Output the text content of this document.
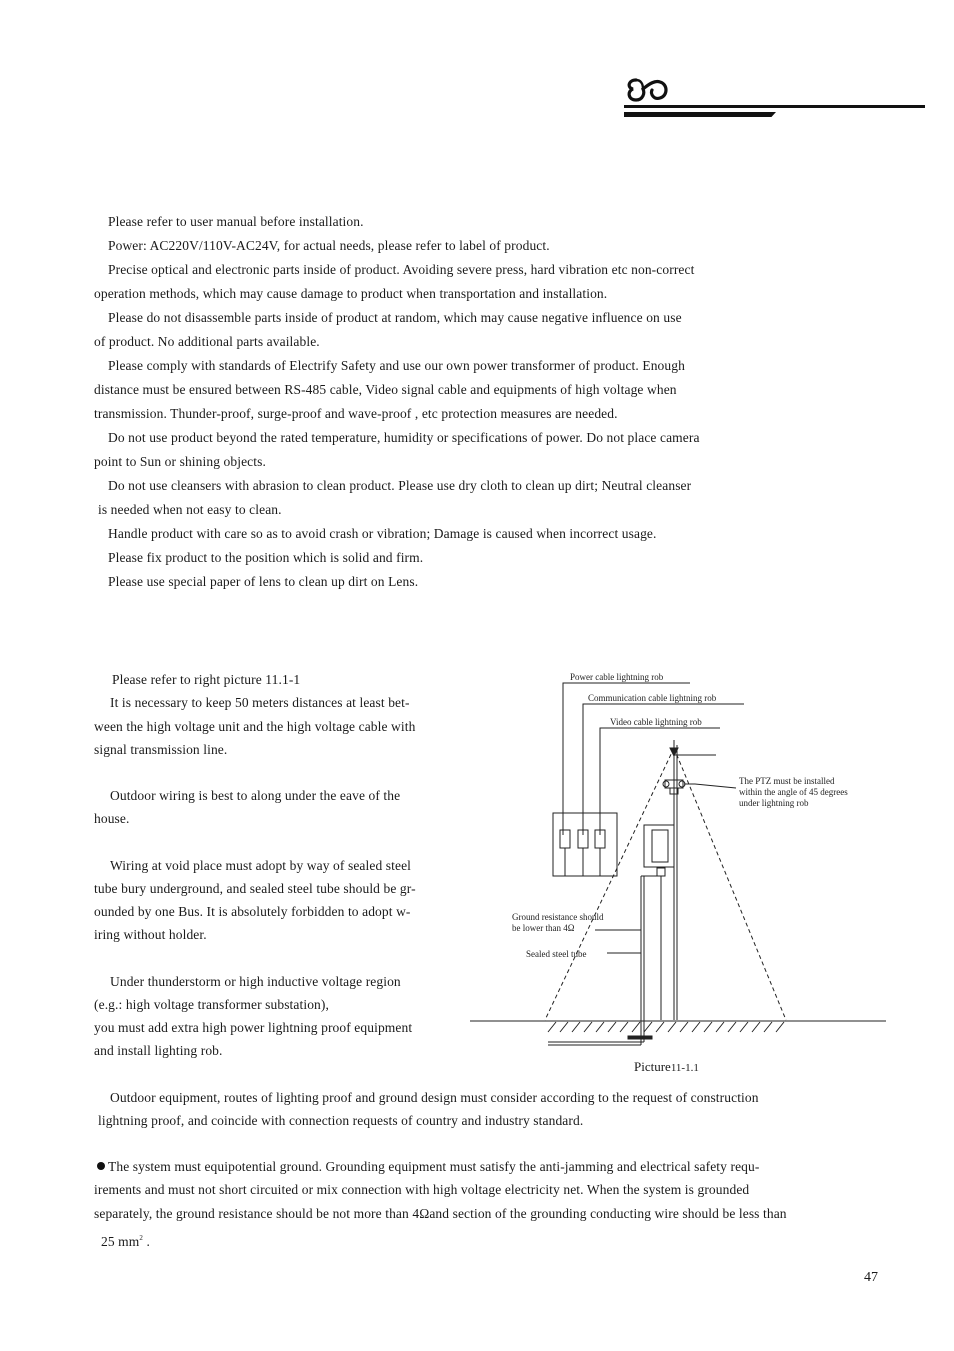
Please refer to user manual before installation.
Power: AC220V/110V-AC24V, for actual needs, please refer to label of product.
Precise optical and electronic parts inside of product. Avoiding severe press, hard vibration etc non-correct
operation methods, which may cause damage to product when transportation and installation.
Please do not disassemble parts inside of product at random, which may cause negative influence on use
of product. No additional parts available.
Please comply with standards of Electrify Safety and use our own power transformer of product. Enough
distance must be ensured between RS-485 cable, Video signal cable and equipments of high voltage when
transmission. Thunder-proof, surge-proof and wave-proof , etc protection measures are needed.
Do not use product beyond the rated temperature, humidity or specifications of power. Do not place camera
point to Sun or shining objects.
Do not use cleansers with abrasion to clean product. Please use dry cloth to clean up dirt; Neutral cleanser
is needed when not easy to clean.
Handle product with care so as to avoid crash or vibration; Damage is caused when incorrect usage.
Please fix product to the position which is solid and firm.
Please use special paper of lens to clean up dirt on Lens.
Please refer to right picture 11.1-1
It is necessary to keep 50 meters distances at least bet-
ween the high voltage unit and the high voltage cable with
signal transmission line.
Outdoor wiring is best to along under the eave of the
house.
Wiring at void place must adopt by way of sealed steel
tube bury underground, and sealed steel tube should be gr-
ounded by one Bus. It is absolutely forbidden to adopt w-
iring without holder.
Under thunderstorm or high inductive voltage region
(e.g.: high voltage transformer substation),
you must add extra high power lightning proof equipment
and install lighting rob.
Power cable lightning rob
Communication cable lightning rob
Video cable lightning rob
The PTZ must be installed
within the angle of 45 degrees
under lightning rob
Ground resistance should
be lower than 4Ω
Sealed steel tube
Picture11-1.1
Outdoor equipment, routes of lighting proof and ground design must consider according to the request of construction
lightning proof, and coincide with connection requests of country and industry standard.
The system must equipotential ground. Grounding equipment must satisfy the anti-jamming and electrical safety requ-
irements and must not short circuited or mix connection with high voltage electricity net. When the system is grounded
separately, the ground resistance should be not more than 4Ωand section of the grounding conducting wire should be less than
25 $mm^2$ .
47
